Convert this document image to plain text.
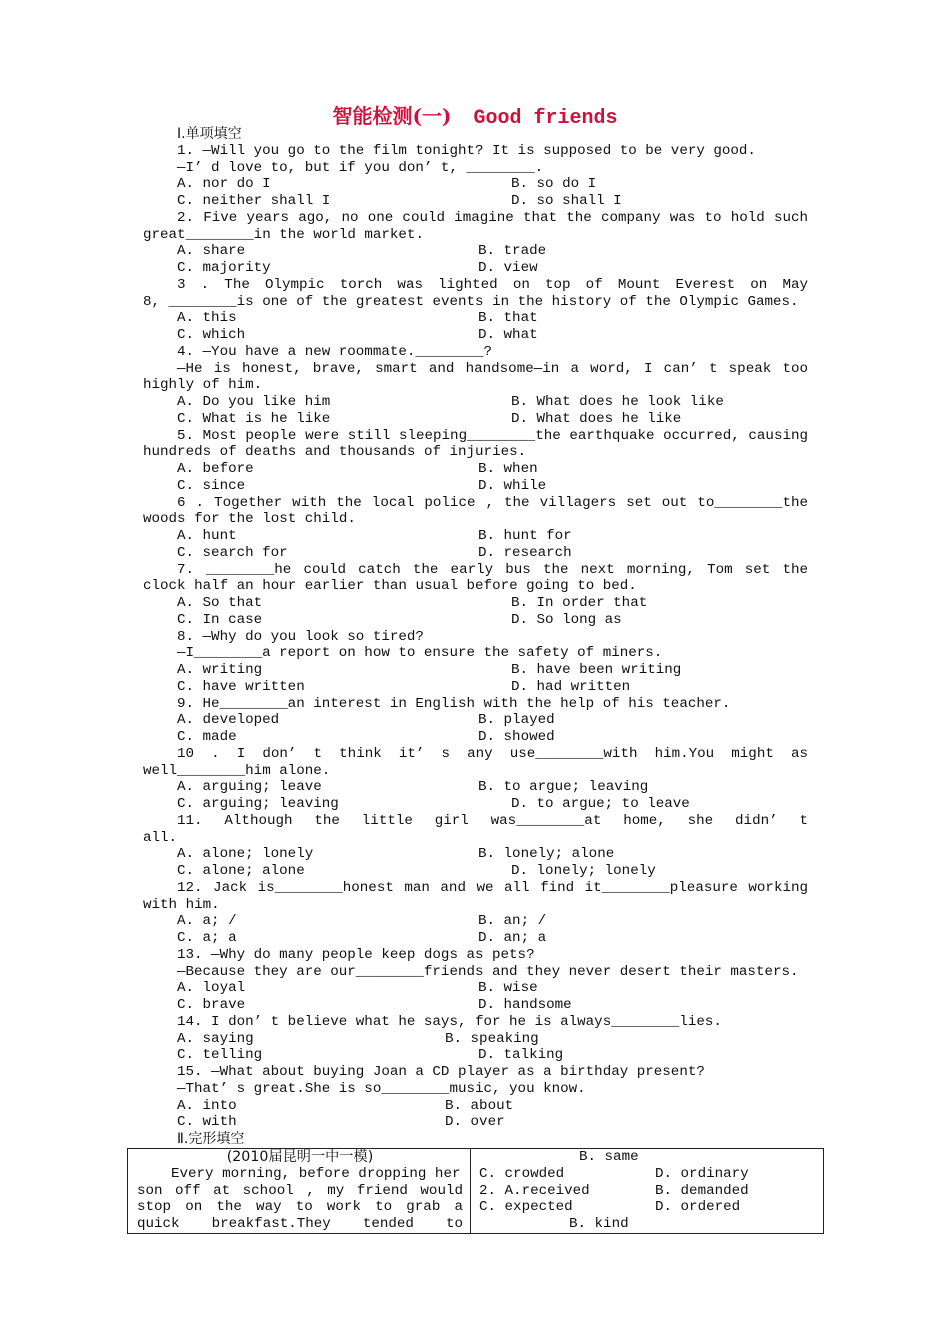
智能检测(一) Good friends
Ⅰ.单项填空
1. —Will you go to the film tonight? It is supposed to be very good.
—I’ d love to, but if you don’ t, ________.
A. nor do I	B. so do I
C. neither shall I	D. so shall I
2. Five years ago, no one could imagine that the company was to hold such
great________in the world market.
A. share	B. trade
C. majority	D. view
3 . The Olympic torch was lighted on top of Mount Everest on May
8, ________is one of the greatest events in the history of the Olympic Games.
A. this	B. that
C. which	D. what
4. —You have a new roommate.________?
—He is honest, brave, smart and handsome—in a word, I can’ t speak too
highly of him.
A. Do you like him	B. What does he look like
C. What is he like	D. What does he like
5. Most people were still sleeping________the earthquake occurred, causing
hundreds of deaths and thousands of injuries.
A. before	B. when
C. since	D. while
6 . Together with the local police , the villagers set out to________the
woods for the lost child.
A. hunt	B. hunt for
C. search for	D. research
7. ________he could catch the early bus the next morning, Tom set the
clock half an hour earlier than usual before going to bed.
A. So that	B. In order that
C. In case	D. So long as
8. —Why do you look so tired?
—I________a report on how to ensure the safety of miners.
A. writing	B. have been writing
C. have written	D. had written
9. He________an interest in English with the help of his teacher.
A. developed	B. played
C. made	D. showed
10 . I don’ t think it’ s any use________with him.You might as
well________him alone.
A. arguing; leave	B. to argue; leaving
C. arguing; leaving	D. to argue; to leave
11. Although the little girl was________at home, she didn’ t
all.
A. alone; lonely	B. lonely; alone
C. alone; alone	D. lonely; lonely
12. Jack is________honest man and we all find it________pleasure working
with him.
A. a; /	B. an; /
C. a; a	D. an; a
13. —Why do many people keep dogs as pets?
—Because they are our________friends and they never desert their masters.
A. loyal	B. wise
C. brave	D. handsome
14. I don’ t believe what he says, for he is always________lies.
A. saying	B. speaking
C. telling	D. talking
15. —What about buying Joan a CD player as a birthday present?
—That’ s great.She is so________music, you know.
A. into	B. about
C. with	D. over
Ⅱ.完形填空
(2010届昆明一中一模)
Every morning, before dropping her
son off at school , my friend would
stop on the way to work to grab a
quick breakfast.They tended to
B. same
C. crowded	D. ordinary
2. A.received	B. demanded
C. expected	D. ordered
B. kind
